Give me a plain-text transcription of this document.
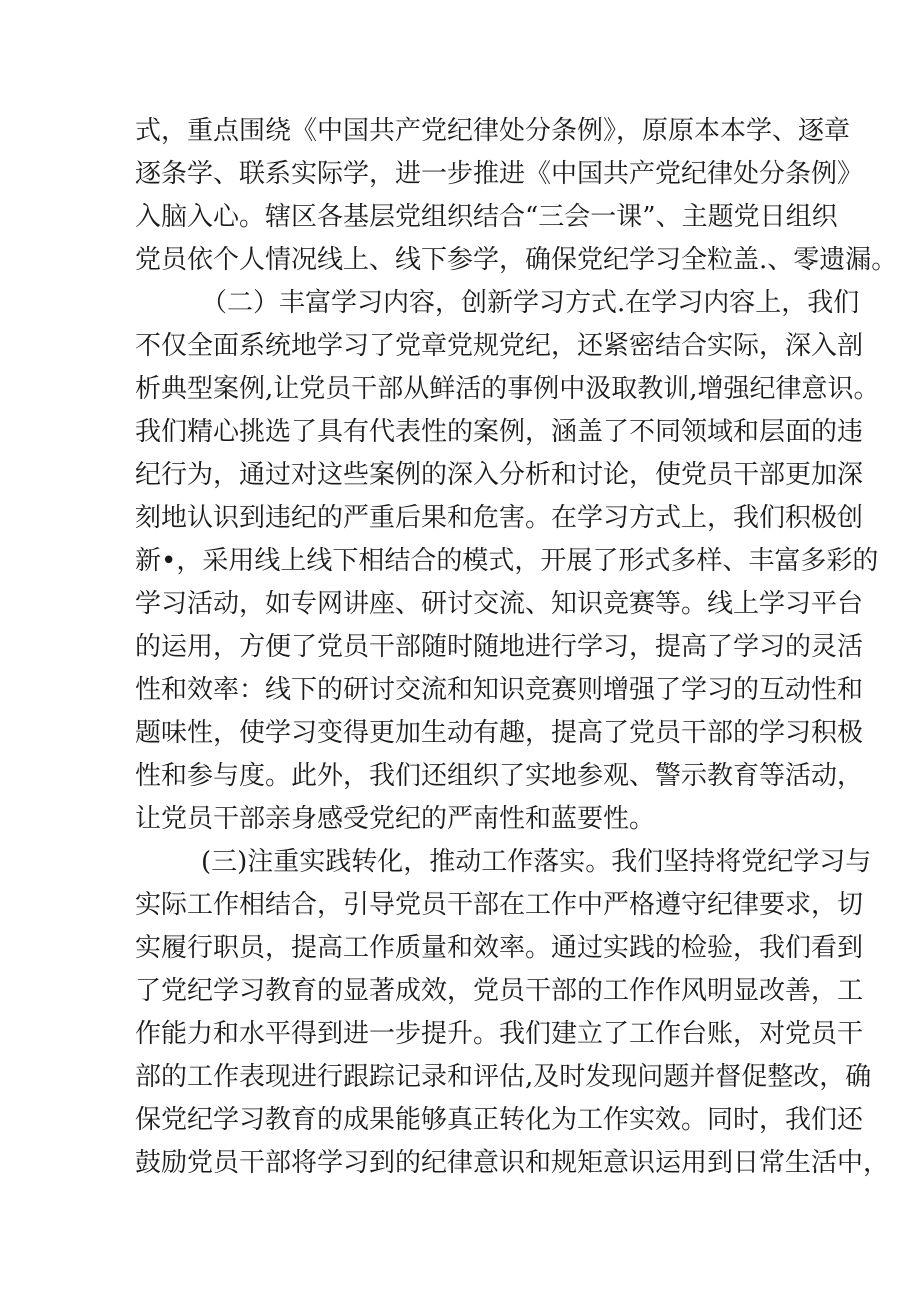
式，重点围绕《中国共产党纪律处分条例》，原原本本学、逐章
逐条学、联系实际学，进一步推进《中国共产党纪律处分条例》
入脑入心。辖区各基层党组织结合“三会一课”、主题党日组织
党员依个人情况线上、线下参学，确保党纪学习全粒盖.、零遗漏。
（二）丰富学习内容，创新学习方式.在学习内容上，我们
不仅全面系统地学习了党章党规党纪，还紧密结合实际，深入剖
析典型案例,让党员干部从鲜活的事例中汲取教训,增强纪律意识。
我们精心挑选了具有代表性的案例，涵盖了不同领域和层面的违
纪行为，通过对这些案例的深入分析和讨论，使党员干部更加深
刻地认识到违纪的严重后果和危害。在学习方式上，我们积极创
新•，采用线上线下相结合的模式，开展了形式多样、丰富多彩的
学习活动，如专网讲座、研讨交流、知识竞赛等。线上学习平台
的运用，方便了党员干部随时随地进行学习，提高了学习的灵活
性和效率：线下的研讨交流和知识竞赛则增强了学习的互动性和
题味性，使学习变得更加生动有趣，提高了党员干部的学习积极
性和参与度。此外，我们还组织了实地参观、警示教育等活动，
让党员干部亲身感受党纪的严南性和蓝要性。
(三)注重实践转化，推动工作落实。我们坚持将党纪学习与
实际工作相结合，引导党员干部在工作中严格遵守纪律要求，切
实履行职员，提高工作质量和效率。通过实践的检验，我们看到
了党纪学习教育的显著成效，党员干部的工作作风明显改善，工
作能力和水平得到进一步提升。我们建立了工作台账，对党员干
部的工作表现进行跟踪记录和评估,及时发现问题并督促整改，确
保党纪学习教育的成果能够真正转化为工作实效。同时，我们还
鼓励党员干部将学习到的纪律意识和规矩意识运用到日常生活中，
